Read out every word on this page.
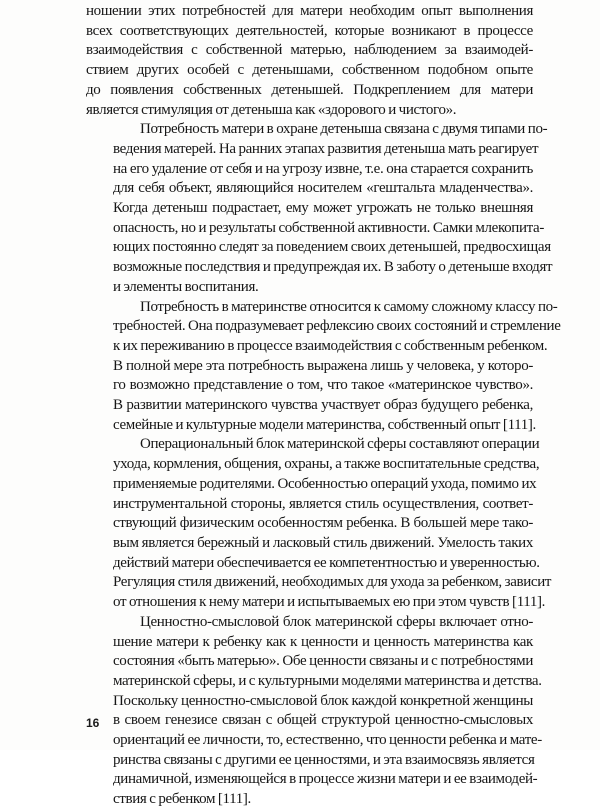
ношении этих потребностей для матери необходим опыт выполнения
всех соответствующих деятельностей, которые возникают в процессе
взаимодействия с собственной матерью, наблюдением за взаимодей-
ствием других особей с детенышами, собственном подобном опыте
до появления собственных детенышей. Подкреплением для матери
является стимуляция от детеныша как «здорового и чистого».

Потребность матери в охране детеныша связана с двумя типами по-
ведения матерей. На ранних этапах развития детеныша мать реагирует
на его удаление от себя и на угрозу извне, т.е. она старается сохранить
для себя объект, являющийся носителем «гештальта младенчества».
Когда детеныш подрастает, ему может угрожать не только внешняя
опасность, но и результаты собственной активности. Самки млекопита-
ющих постоянно следят за поведением своих детенышей, предвосхищая
возможные последствия и предупреждая их. В заботу о детеныше входят
и элементы воспитания.

Потребность в материнстве относится к самому сложному классу по-
требностей. Она подразумевает рефлексию своих состояний и стремление
к их переживанию в процессе взаимодействия с собственным ребенком.
В полной мере эта потребность выражена лишь у человека, у которо-
го возможно представление о том, что такое «материнское чувство».
В развитии материнского чувства участвует образ будущего ребенка,
семейные и культурные модели материнства, собственный опыт [111].

Операциональный блок материнской сферы составляют операции
ухода, кормления, общения, охраны, а также воспитательные средства,
применяемые родителями. Особенностью операций ухода, помимо их
инструментальной стороны, является стиль осуществления, соответ-
ствующий физическим особенностям ребенка. В большей мере тако-
вым является бережный и ласковый стиль движений. Умелость таких
действий матери обеспечивается ее компетентностью и уверенностью.
Регуляция стиля движений, необходимых для ухода за ребенком, зависит
от отношения к нему матери и испытываемых ею при этом чувств [111].

Ценностно-смысловой блок материнской сферы включает отно-
шение матери к ребенку как к ценности и ценность материнства как
состояния «быть матерью». Обе ценности связаны и с потребностями
материнской сферы, и с культурными моделями материнства и детства.
Поскольку ценностно-смысловой блок каждой конкретной женщины
в своем генезисе связан с общей структурой ценностно-смысловых
ориентаций ее личности, то, естественно, что ценности ребенка и мате-
ринства связаны с другими ее ценностями, и эта взаимосвязь является
динамичной, изменяющейся в процессе жизни матери и ее взаимодей-
ствия с ребенком [111].

16
